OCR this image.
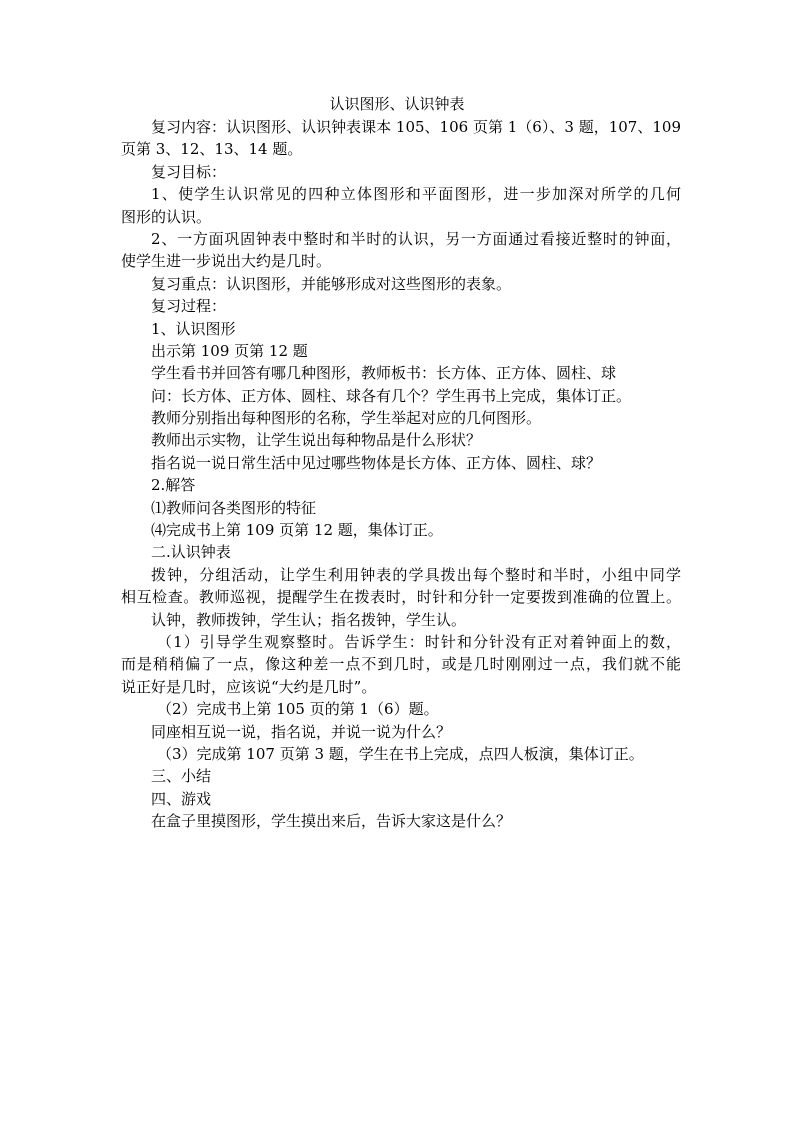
认识图形、认识钟表
复习内容：认识图形、认识钟表课本 105、106 页第 1（6）、3 题，107、109
页第 3、12、13、14 题。
复习目标：
1、使学生认识常见的四种立体图形和平面图形，进一步加深对所学的几何
图形的认识。
2、一方面巩固钟表中整时和半时的认识，另一方面通过看接近整时的钟面，
使学生进一步说出大约是几时。
复习重点：认识图形，并能够形成对这些图形的表象。
复习过程：
1、认识图形
出示第 109 页第 12 题
学生看书并回答有哪几种图形，教师板书：长方体、正方体、圆柱、球
问：长方体、正方体、圆柱、球各有几个？学生再书上完成，集体订正。
教师分别指出每种图形的名称，学生举起对应的几何图形。
教师出示实物，让学生说出每种物品是什么形状？
指名说一说日常生活中见过哪些物体是长方体、正方体、圆柱、球？
2.解答
⑴教师问各类图形的特征
⑷完成书上第 109 页第 12 题，集体订正。
二.认识钟表
拨钟，分组活动，让学生利用钟表的学具拨出每个整时和半时，小组中同学
相互检查。教师巡视，提醒学生在拨表时，时针和分针一定要拨到准确的位置上。
认钟，教师拨钟，学生认；指名拨钟，学生认。
（1）引导学生观察整时。告诉学生：时针和分针没有正对着钟面上的数，
而是稍稍偏了一点，像这种差一点不到几时，或是几时刚刚过一点，我们就不能
说正好是几时，应该说“大约是几时”。
（2）完成书上第 105 页的第 1（6）题。
同座相互说一说，指名说，并说一说为什么？
（3）完成第 107 页第 3 题，学生在书上完成，点四人板演，集体订正。
三、小结
四、游戏
在盒子里摸图形，学生摸出来后，告诉大家这是什么？
